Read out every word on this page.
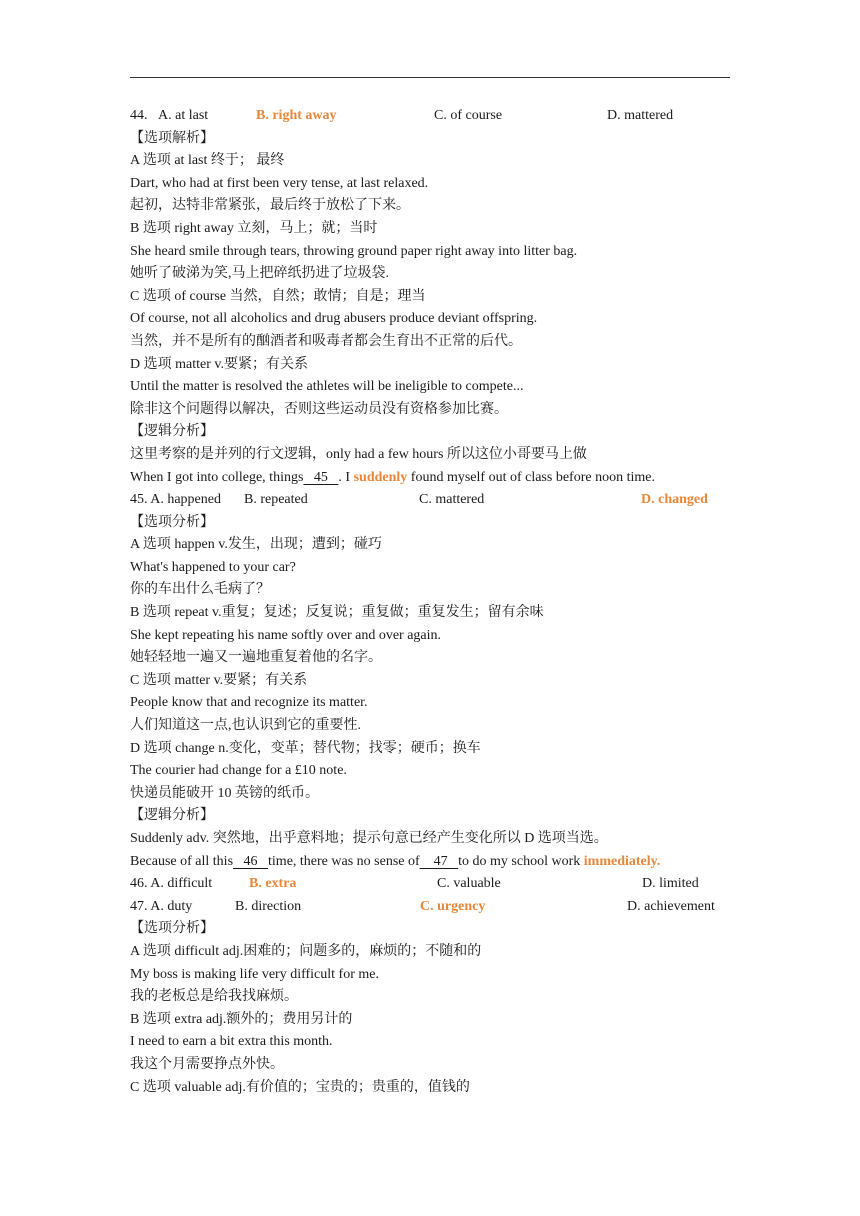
44. A. at last	B. right away	C. of course	D. mattered
【选项解析】
A 选项 at last 终于； 最终
Dart, who had at first been very tense, at last relaxed.
起初，达特非常紧张，最后终于放松了下来。
B 选项 right away 立刻，马上；就；当时
She heard smile through tears, throwing ground paper right away into litter bag.
她听了破涕为笑,马上把碎纸扔进了垃圾袋.
C 选项 of course 当然，自然；敢情；自是；理当
Of course, not all alcoholics and drug abusers produce deviant offspring.
当然，并不是所有的酗酒者和吸毒者都会生育出不正常的后代。
D 选项 matter v.要紧；有关系
Until the matter is resolved the athletes will be ineligible to compete...
除非这个问题得以解决，否则这些运动员没有资格参加比赛。
【逻辑分析】
这里考察的是并列的行文逻辑，only had a few hours 所以这位小哥要马上做
When I got into college, things   45   . I suddenly found myself out of class before noon time.
45. A. happened B. repeated	C. mattered	D. changed
【选项分析】
A 选项 happen v.发生，出现；遭到；碰巧
What's happened to your car?
你的车出什么毛病了？
B 选项 repeat v.重复；复述；反复说；重复做；重复发生；留有余味
She kept repeating his name softly over and over again.
她轻轻地一遍又一遍地重复着他的名字。
C 选项 matter v.要紧；有关系
People know that and recognize its matter.
人们知道这一点,也认识到它的重要性.
D 选项 change n.变化，变革；替代物；找零；硬币；换车
The courier had change for a £10 note.
快递员能破开 10 英镑的纸币。
【逻辑分析】
Suddenly adv. 突然地，出乎意料地；提示句意已经产生变化所以 D 选项当选。
Because of all this   46   time, there was no sense of    47   to do my school work immediately.
46. A. difficult	B. extra	C. valuable	D. limited
47. A. duty	B. direction	C. urgency	D. achievement
【选项分析】
A 选项 difficult adj.困难的；问题多的，麻烦的；不随和的
My boss is making life very difficult for me.
我的老板总是给我找麻烦。
B 选项 extra adj.额外的；费用另计的
I need to earn a bit extra this month.
我这个月需要挣点外快。
C 选项 valuable adj.有价值的；宝贵的；贵重的，值钱的
